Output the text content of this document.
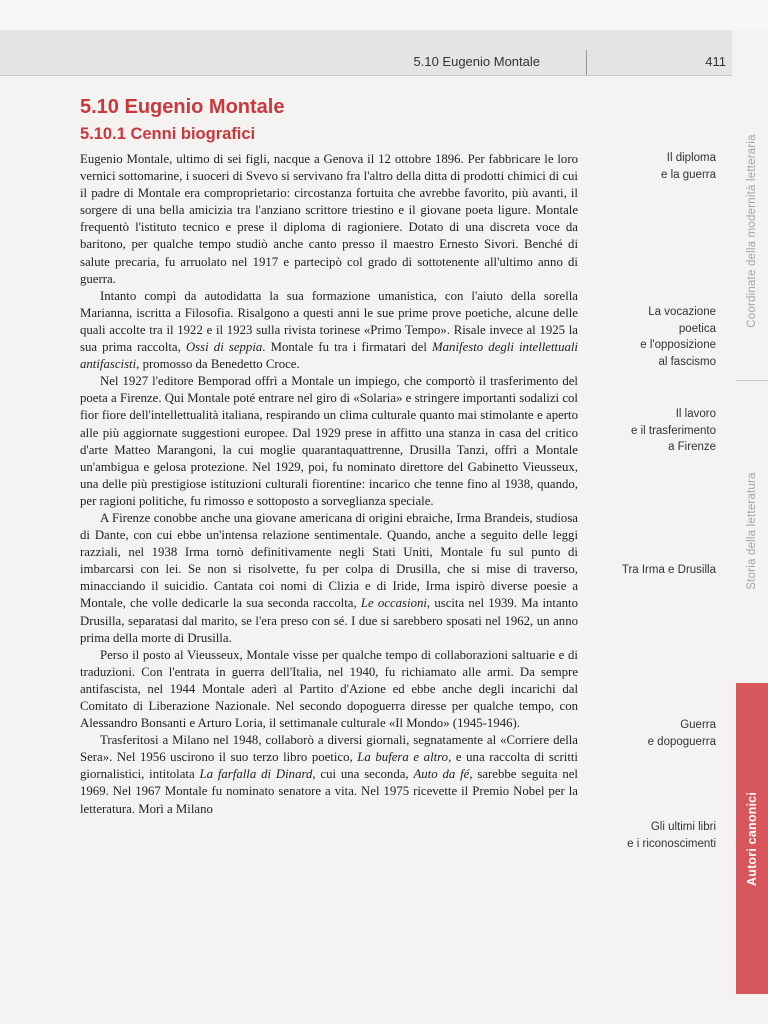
5.10 Eugenio Montale	411
Coordinate della modernità letteraria
Storia della letteratura
Autori canonici
5.10 Eugenio Montale
5.10.1 Cenni biografici

Eugenio Montale, ultimo di sei figli, nacque a Genova il 12 ottobre 1896. Per fabbricare le loro vernici sottomarine, i suoceri di Svevo si servivano fra l'altro della ditta di prodotti chimici di cui il padre di Montale era comproprietario: circostanza fortuita che avrebbe favorito, più avanti, il sorgere di una bella amicizia tra l'anziano scrittore triestino e il giovane poeta ligure. Montale frequentò l'istituto tecnico e prese il diploma di ragioniere. Dotato di una discreta voce da baritono, per qualche tempo studiò anche canto presso il maestro Ernesto Sivori. Benché di salute precaria, fu arruolato nel 1917 e partecipò col grado di sottotenente all'ultimo anno di guerra.

Intanto compì da autodidatta la sua formazione umanistica, con l'aiuto della sorella Marianna, iscritta a Filosofia. Risalgono a questi anni le sue prime prove poetiche, alcune delle quali accolte tra il 1922 e il 1923 sulla rivista torinese «Primo Tempo». Risale invece al 1925 la sua prima raccolta, Ossi di seppia. Montale fu tra i firmatari del Manifesto degli intellettuali antifascisti, promosso da Benedetto Croce.

Nel 1927 l'editore Bemporad offrì a Montale un impiego, che comportò il trasferimento del poeta a Firenze. Qui Montale poté entrare nel giro di «Solaria» e stringere importanti sodalizi col fior fiore dell'intellettualità italiana, respirando un clima culturale quanto mai stimolante e aperto alle più aggiornate suggestioni europee. Dal 1929 prese in affitto una stanza in casa del critico d'arte Matteo Marangoni, la cui moglie quarantaquattrenne, Drusilla Tanzi, offrì a Montale un'ambigua e gelosa protezione. Nel 1929, poi, fu nominato direttore del Gabinetto Vieusseux, una delle più prestigiose istituzioni culturali fiorentine: incarico che tenne fino al 1938, quando, per ragioni politiche, fu rimosso e sottoposto a sorveglianza speciale.

A Firenze conobbe anche una giovane americana di origini ebraiche, Irma Brandeis, studiosa di Dante, con cui ebbe un'intensa relazione sentimentale. Quando, anche a seguito delle leggi razziali, nel 1938 Irma tornò definitivamente negli Stati Uniti, Montale fu sul punto di imbarcarsi con lei. Se non si risolvette, fu per colpa di Drusilla, che si mise di traverso, minacciando il suicidio. Cantata coi nomi di Clizia e di Iride, Irma ispirò diverse poesie a Montale, che volle dedicarle la sua seconda raccolta, Le occasioni, uscita nel 1939. Ma intanto Drusilla, separatasi dal marito, se l'era preso con sé. I due si sarebbero sposati nel 1962, un anno prima della morte di Drusilla.

Perso il posto al Vieusseux, Montale visse per qualche tempo di collaborazioni saltuarie e di traduzioni. Con l'entrata in guerra dell'Italia, nel 1940, fu richiamato alle armi. Da sempre antifascista, nel 1944 Montale aderì al Partito d'Azione ed ebbe anche degli incarichi dal Comitato di Liberazione Nazionale. Nel secondo dopoguerra diresse per qualche tempo, con Alessandro Bonsanti e Arturo Loria, il settimanale culturale «Il Mondo» (1945-1946).

Trasferitosi a Milano nel 1948, collaborò a diversi giornali, segnatamente al «Corriere della Sera». Nel 1956 uscirono il suo terzo libro poetico, La bufera e altro, e una raccolta di scritti giornalistici, intitolata La farfalla di Dinard, cui una seconda, Auto da fé, sarebbe seguita nel 1969. Nel 1967 Montale fu nominato senatore a vita. Nel 1975 ricevette il Premio Nobel per la letteratura. Morì a Milano

Il diploma
e la guerra
La vocazione
poetica
e l'opposizione
al fascismo
Il lavoro
e il trasferimento
a Firenze
Tra Irma e Drusilla
Guerra
e dopoguerra
Gli ultimi libri
e i riconoscimenti
